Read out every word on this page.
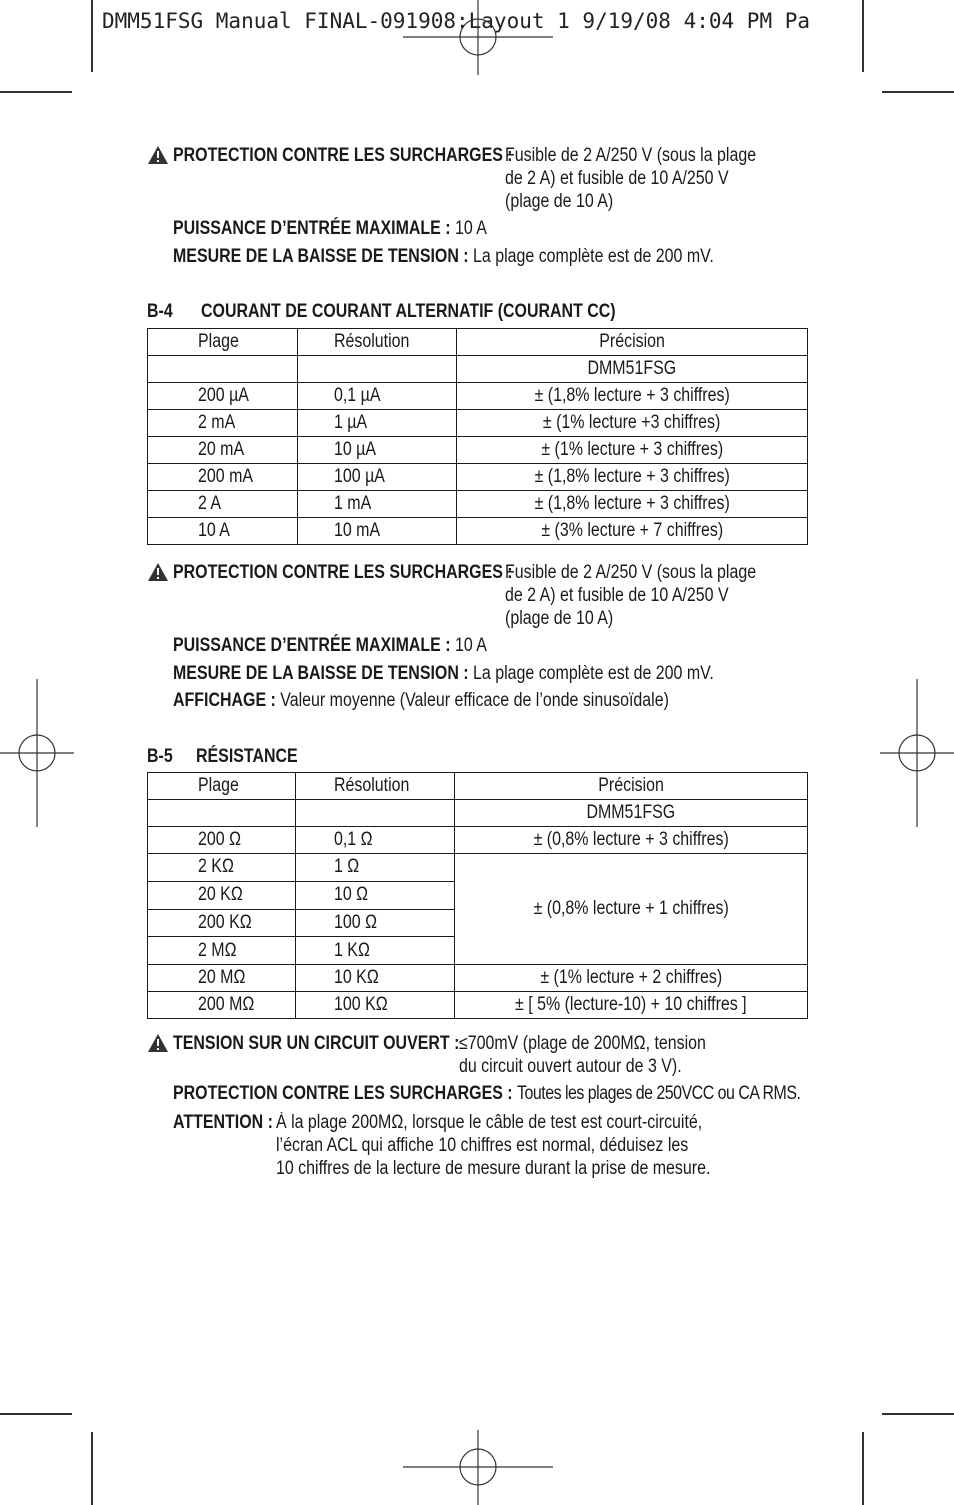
DMM51FSG Manual FINAL-091908:Layout 1 9/19/08 4:04 PM Pa
PROTECTION CONTRE LES SURCHARGES :
Fusible de 2 A/250 V (sous la plage
de 2 A) et fusible de 10 A/250 V
(plage de 10 A)
PUISSANCE D’ENTRÉE MAXIMALE : 10 A
MESURE DE LA BAISSE DE TENSION : La plage complète est de 200 mV.
B-4 COURANT DE COURANT ALTERNATIF (COURANT CC)
Plage	Résolution	Précision
		DMM51FSG
200 µA	0,1 µA	± (1,8% lecture + 3 chiffres)
2 mA	1 µA	± (1% lecture +3 chiffres)
20 mA	10 µA	± (1% lecture + 3 chiffres)
200 mA	100 µA	± (1,8% lecture + 3 chiffres)
2 A	1 mA	± (1,8% lecture + 3 chiffres)
10 A	10 mA	± (3% lecture + 7 chiffres)
PROTECTION CONTRE LES SURCHARGES :
Fusible de 2 A/250 V (sous la plage
de 2 A) et fusible de 10 A/250 V
(plage de 10 A)
PUISSANCE D’ENTRÉE MAXIMALE : 10 A
MESURE DE LA BAISSE DE TENSION : La plage complète est de 200 mV.
AFFICHAGE : Valeur moyenne (Valeur efficace de l’onde sinusoïdale)
B-5 RÉSISTANCE
Plage	Résolution	Précision
		DMM51FSG
200 Ω	0,1 Ω	± (0,8% lecture + 3 chiffres)
2 KΩ	1 Ω	± (0,8% lecture + 1 chiffres)
20 KΩ	10 Ω	
200 KΩ	100 Ω	
2 MΩ	1 KΩ	
20 MΩ	10 KΩ	± (1% lecture + 2 chiffres)
200 MΩ	100 KΩ	± [ 5% (lecture-10) + 10 chiffres ]
TENSION SUR UN CIRCUIT OUVERT : ≤700mV (plage de 200MΩ, tension
du circuit ouvert autour de 3 V).
PROTECTION CONTRE LES SURCHARGES : Toutes les plages de 250VCC ou CA RMS.
ATTENTION : À la plage 200MΩ, lorsque le câble de test est court-circuité,
l’écran ACL qui affiche 10 chiffres est normal, déduisez les
10 chiffres de la lecture de mesure durant la prise de mesure.
